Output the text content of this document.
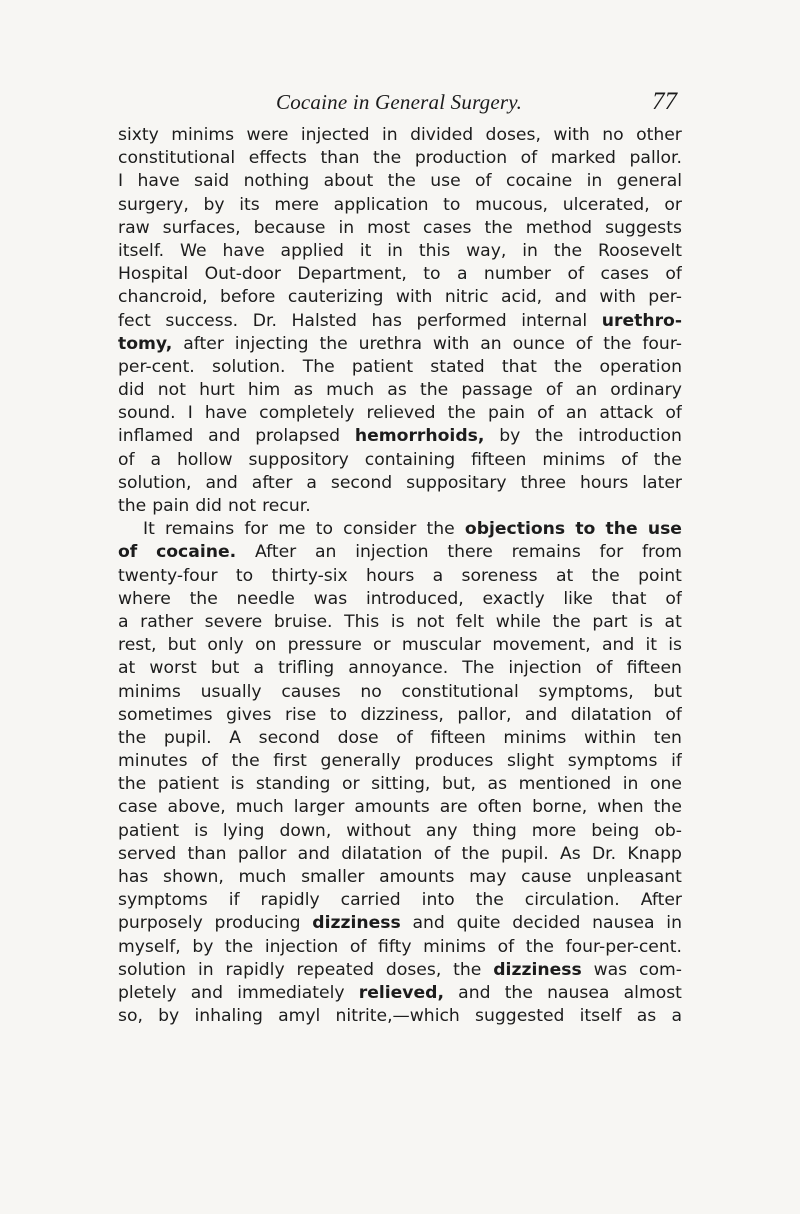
Cocaine in General Surgery.	77
sixty minims were injected in divided doses, with no other
constitutional effects than the production of marked pallor.
I have said nothing about the use of cocaine in general
surgery, by its mere application to mucous, ulcerated, or
raw surfaces, because in most cases the method suggests
itself. We have applied it in this way, in the Roosevelt
Hospital Out-door Department, to a number of cases of
chancroid, before cauterizing with nitric acid, and with per-
fect success. Dr. Halsted has performed internal urethro-
tomy, after injecting the urethra with an ounce of the four-
per-cent. solution. The patient stated that the operation
did not hurt him as much as the passage of an ordinary
sound. I have completely relieved the pain of an attack of
inflamed and prolapsed hemorrhoids, by the introduction
of a hollow suppository containing fifteen minims of the
solution, and after a second suppositary three hours later
the pain did not recur.
It remains for me to consider the objections to the use
of cocaine. After an injection there remains for from
twenty-four to thirty-six hours a soreness at the point
where the needle was introduced, exactly like that of
a rather severe bruise. This is not felt while the part is at
rest, but only on pressure or muscular movement, and it is
at worst but a trifling annoyance. The injection of fifteen
minims usually causes no constitutional symptoms, but
sometimes gives rise to dizziness, pallor, and dilatation of
the pupil. A second dose of fifteen minims within ten
minutes of the first generally produces slight symptoms if
the patient is standing or sitting, but, as mentioned in one
case above, much larger amounts are often borne, when the
patient is lying down, without any thing more being ob-
served than pallor and dilatation of the pupil. As Dr. Knapp
has shown, much smaller amounts may cause unpleasant
symptoms if rapidly carried into the circulation. After
purposely producing dizziness and quite decided nausea in
myself, by the injection of fifty minims of the four-per-cent.
solution in rapidly repeated doses, the dizziness was com-
pletely and immediately relieved, and the nausea almost
so, by inhaling amyl nitrite,—which suggested itself as a
